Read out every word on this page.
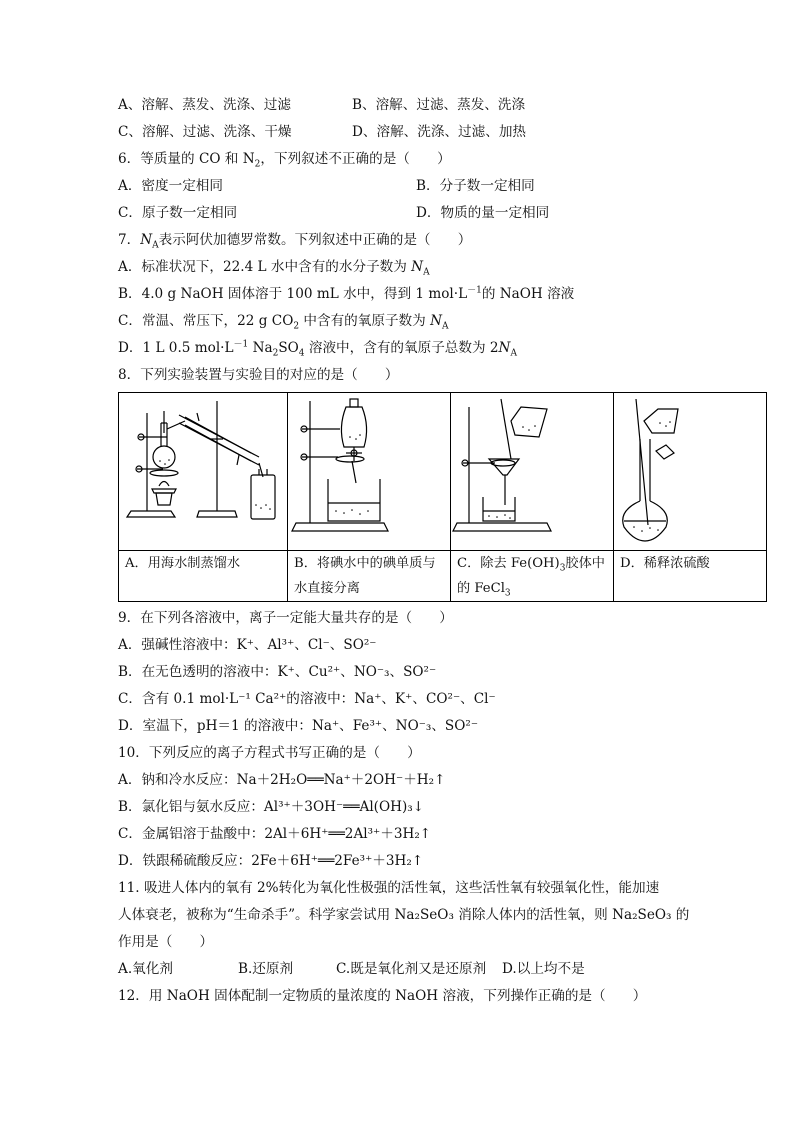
A、溶解、蒸发、洗涤、过滤	B、溶解、过滤、蒸发、洗涤
C、溶解、过滤、洗涤、干燥	D、溶解、洗涤、过滤、加热
6．等质量的 CO 和 $N_2$，下列叙述不正确的是（　　）
A．密度一定相同	B．分子数一定相同
C．原子数一定相同	D．物质的量一定相同
7．$N_A$表示阿伏加德罗常数。下列叙述中正确的是（　　）
A．标准状况下，22.4 L 水中含有的水分子数为 $N_A$
B．4.0 g NaOH 固体溶于 100 mL 水中，得到 1 $mol\cdot L^{-1}$的 NaOH 溶液
C．常温、常压下，22 g $CO_2$ 中含有的氧原子数为 $N_A$
D．1 L 0.5 $mol\cdot L^{-1}$ $Na_2SO_4$ 溶液中，含有的氧原子总数为 $2N_A$
8．下列实验装置与实验目的对应的是（　　）

A．用海水制蒸馏水	B．将碘水中的碘单质与水直接分离	C．除去 $Fe(OH)_3$胶体中的 FeCl$_3$	D．稀释浓硫酸
9．在下列各溶液中，离子一定能大量共存的是（　　）
A．强碱性溶液中：K⁺、Al³⁺、Cl⁻、SO²⁻
B．在无色透明的溶液中：K⁺、Cu²⁺、NO⁻₃、SO²⁻
C．含有 0.1 mol·L⁻¹ Ca²⁺的溶液中：Na⁺、K⁺、CO²⁻、Cl⁻
D．室温下，pH＝1 的溶液中：Na⁺、Fe³⁺、NO⁻₃、SO²⁻
10．下列反应的离子方程式书写正确的是（　　）
A．钠和冷水反应：Na＋2H₂O══Na⁺＋2OH⁻＋H₂↑
B．氯化铝与氨水反应：Al³⁺＋3OH⁻══Al(OH)₃↓
C．金属铝溶于盐酸中：2Al＋6H⁺══2Al³⁺＋3H₂↑
D．铁跟稀硫酸反应：2Fe＋6H⁺══2Fe³⁺＋3H₂↑
11. 吸进人体内的氧有 2%转化为氧化性极强的活性氧，这些活性氧有较强氧化性，能加速
人体衰老，被称为“生命杀手”。科学家尝试用 Na₂SeO₃ 消除人体内的活性氧，则 Na₂SeO₃ 的
作用是（　　）
A.氧化剂	B.还原剂	C.既是氧化剂又是还原剂	D.以上均不是
12．用 NaOH 固体配制一定物质的量浓度的 NaOH 溶液，下列操作正确的是（　　）
